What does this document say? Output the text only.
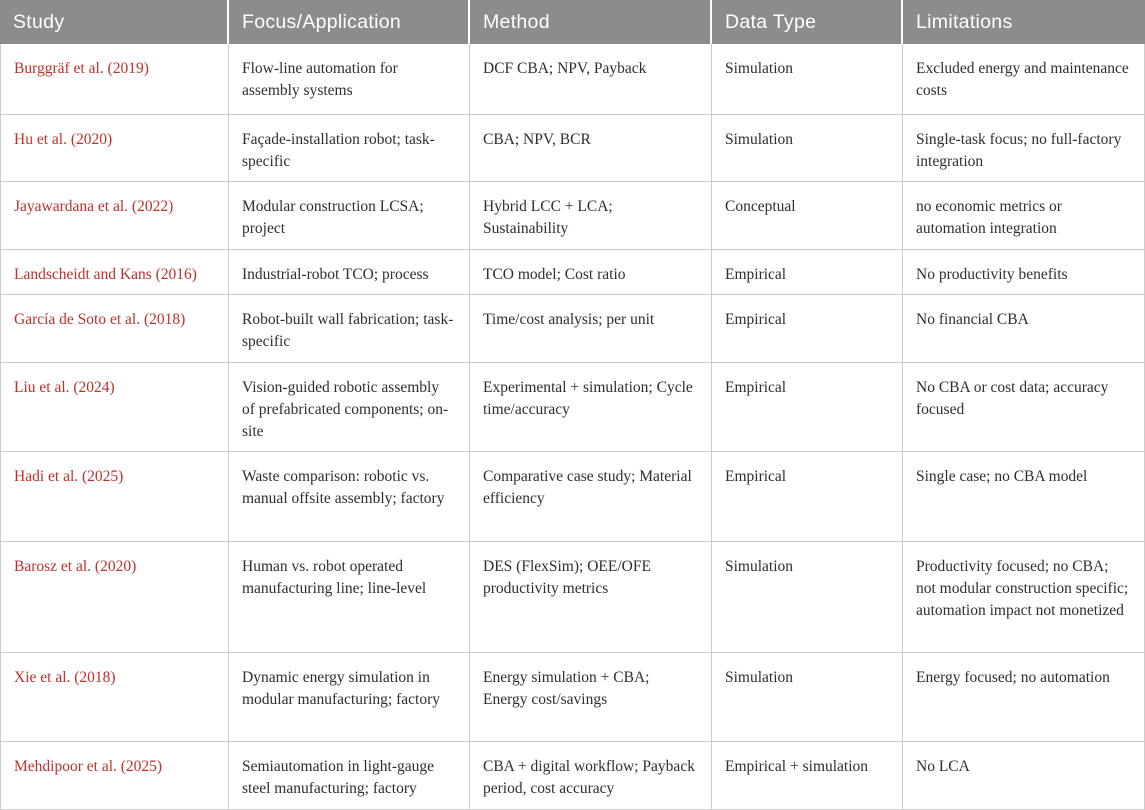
Study	Focus/Application	Method	Data Type	Limitations
Burggräf et al. (2019)	Flow-line automation for assembly systems	DCF CBA; NPV, Payback	Simulation	Excluded energy and maintenance costs
Hu et al. (2020)	Façade-installation robot; task-specific	CBA; NPV, BCR	Simulation	Single-task focus; no full-factory integration
Jayawardana et al. (2022)	Modular construction LCSA; project	Hybrid LCC + LCA; Sustainability	Conceptual	no economic metrics or automation integration
Landscheidt and Kans (2016)	Industrial-robot TCO; process	TCO model; Cost ratio	Empirical	No productivity benefits
García de Soto et al. (2018)	Robot-built wall fabrication; task-specific	Time/cost analysis; per unit	Empirical	No financial CBA
Liu et al. (2024)	Vision-guided robotic assembly of prefabricated components; on-site	Experimental + simulation; Cycle time/accuracy	Empirical	No CBA or cost data; accuracy focused
Hadi et al. (2025)	Waste comparison: robotic vs. manual offsite assembly; factory	Comparative case study; Material efficiency	Empirical	Single case; no CBA model
Barosz et al. (2020)	Human vs. robot operated manufacturing line; line-level	DES (FlexSim); OEE/OFE productivity metrics	Simulation	Productivity focused; no CBA; not modular construction specific; automation impact not monetized
Xie et al. (2018)	Dynamic energy simulation in modular manufacturing; factory	Energy simulation + CBA; Energy cost/savings	Simulation	Energy focused; no automation
Mehdipoor et al. (2025)	Semiautomation in light-gauge steel manufacturing; factory	CBA + digital workflow; Payback period, cost accuracy	Empirical + simulation	No LCA
